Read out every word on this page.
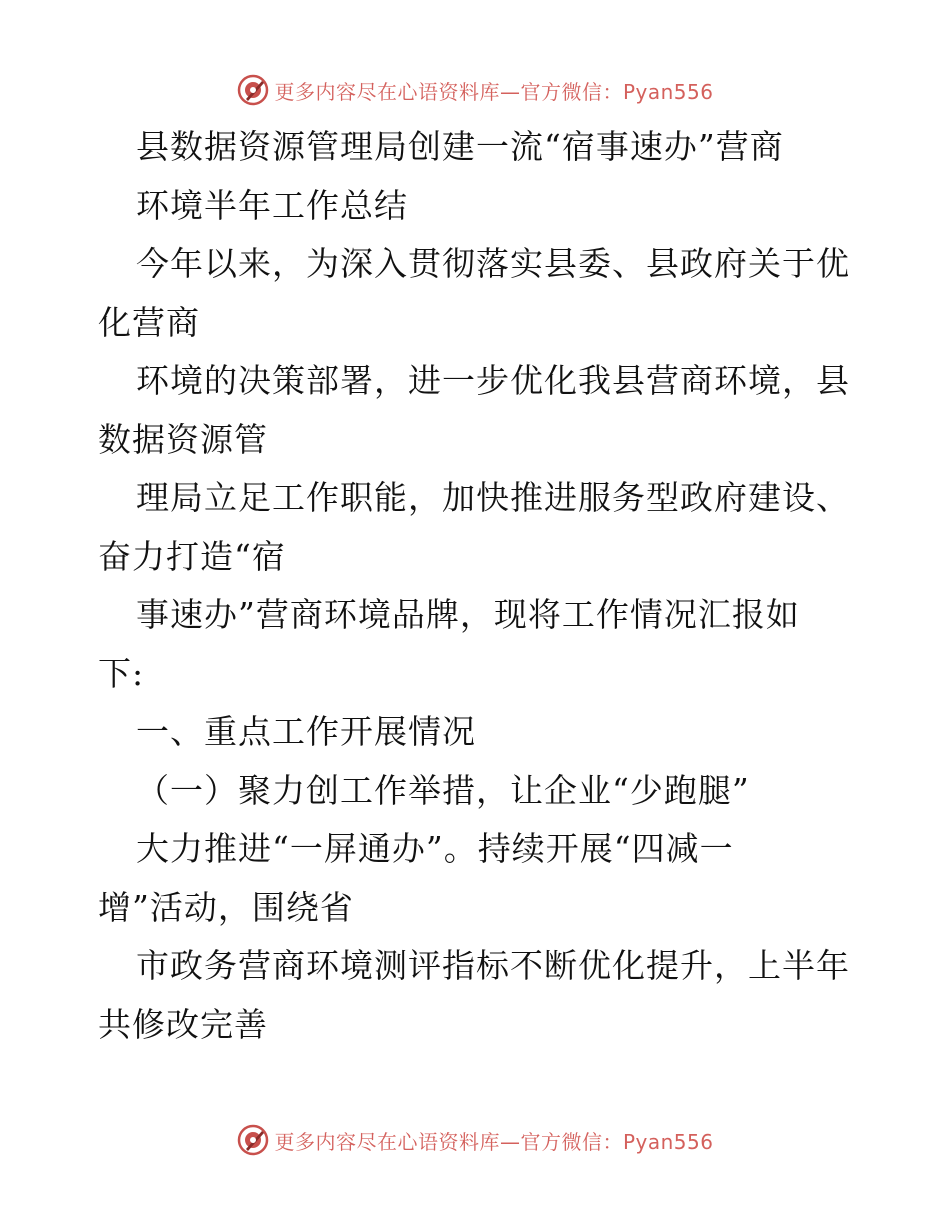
更多内容尽在心语资料库—官方微信：Pyan556
县数据资源管理局创建一流“宿事速办”营商
环境半年工作总结
今年以来，为深入贯彻落实县委、县政府关于优
化营商
环境的决策部署，进一步优化我县营商环境，县
数据资源管
理局立足工作职能，加快推进服务型政府建设、
奋力打造“宿
事速办”营商环境品牌，现将工作情况汇报如
下:
一、重点工作开展情况
（一）聚力创工作举措，让企业“少跑腿”
大力推进“一屏通办”。持续开展“四减一
增”活动，围绕省
市政务营商环境测评指标不断优化提升，上半年
共修改完善
更多内容尽在心语资料库—官方微信：Pyan556
